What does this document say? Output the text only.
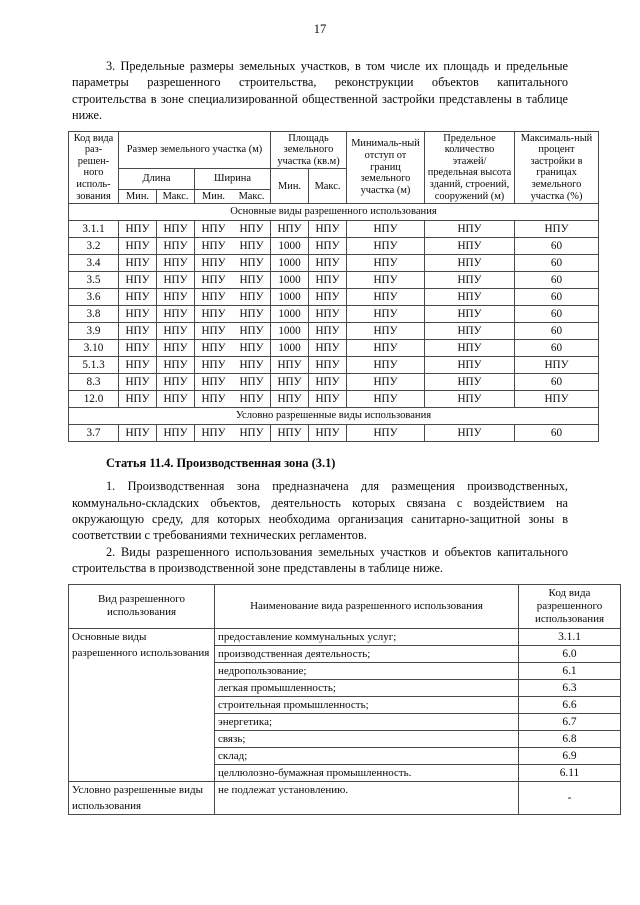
17

3. Предельные размеры земельных участков, в том числе их площадь и предельные параметры разрешенного строительства, реконструкции объектов капитального строительства в зоне специализированной общественной застройки представлены в таблице ниже.

Код вида раз-решен-ного исполь-зования	Размер земельного участка (м)				Площадь земельного участка (кв.м)		Минималь-ный отступ от границ земельного участка (м)	Предельное количество этажей/ предельная высота зданий, строений, сооружений (м)	Максималь-ный процент застройки в границах земельного участка (%)
	Длина		Ширина		Мин.	Макс.			
	Мин.	Макс.	Мин.	Макс.					
Основные виды разрешенного использования									
3.1.1	НПУ	НПУ	НПУ	НПУ	НПУ	НПУ	НПУ	НПУ	НПУ
3.2	НПУ	НПУ	НПУ	НПУ	1000	НПУ	НПУ	НПУ	60
3.4	НПУ	НПУ	НПУ	НПУ	1000	НПУ	НПУ	НПУ	60
3.5	НПУ	НПУ	НПУ	НПУ	1000	НПУ	НПУ	НПУ	60
3.6	НПУ	НПУ	НПУ	НПУ	1000	НПУ	НПУ	НПУ	60
3.8	НПУ	НПУ	НПУ	НПУ	1000	НПУ	НПУ	НПУ	60
3.9	НПУ	НПУ	НПУ	НПУ	1000	НПУ	НПУ	НПУ	60
3.10	НПУ	НПУ	НПУ	НПУ	1000	НПУ	НПУ	НПУ	60
5.1.3	НПУ	НПУ	НПУ	НПУ	НПУ	НПУ	НПУ	НПУ	НПУ
8.3	НПУ	НПУ	НПУ	НПУ	НПУ	НПУ	НПУ	НПУ	60
12.0	НПУ	НПУ	НПУ	НПУ	НПУ	НПУ	НПУ	НПУ	НПУ
Условно разрешенные виды использования									
3.7	НПУ	НПУ	НПУ	НПУ	НПУ	НПУ	НПУ	НПУ	60
Статья 11.4. Производственная зона (3.1)

1. Производственная зона предназначена для размещения производственных, коммунально-складских объектов, деятельность которых связана с воздействием на окружающую среду, для которых необходима организация санитарно-защитной зоны в соответствии с требованиями технических регламентов.

2. Виды разрешенного использования земельных участков и объектов капитального строительства в производственной зоне представлены в таблице ниже.

Вид разрешенного использования	Наименование вида разрешенного использования	Код вида разрешенного использования
Основные виды разрешенного использования	предоставление коммунальных услуг;	3.1.1
	производственная деятельность;	6.0
	недропользование;	6.1
	легкая промышленность;	6.3
	строительная промышленность;	6.6
	энергетика;	6.7
	связь;	6.8
	склад;	6.9
	целлюлозно-бумажная промышленность.	6.11
Условно разрешенные виды использования	не подлежат установлению.	-
